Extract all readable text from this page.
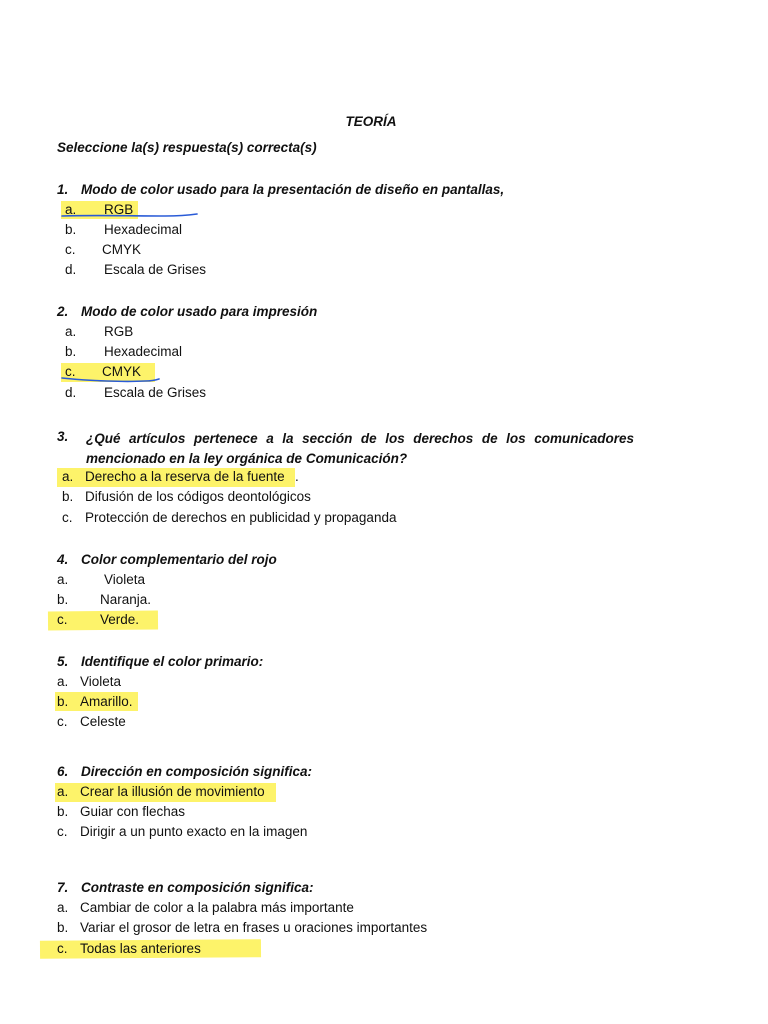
TEORÍA
Seleccione la(s) respuesta(s) correcta(s)
1. Modo de color usado para la presentación de diseño en pantallas,
a. RGB
b. Hexadecimal
c. CMYK
d. Escala de Grises
2. Modo de color usado para impresión
a. RGB
b. Hexadecimal
c. CMYK
d. Escala de Grises
3. ¿Qué artículos pertenece a la sección de los derechos de los comunicadores mencionado en la ley orgánica de Comunicación?
a. Derecho a la reserva de la fuente .
b. Difusión de los códigos deontológicos
c. Protección de derechos en publicidad y propaganda
4. Color complementario del rojo
a.	Violeta
b. Naranja.
c. Verde.
5. Identifique el color primario:
a. Violeta
b. Amarillo.
c. Celeste
6. Dirección en composición significa:
a. Crear la illusión de movimiento
b. Guiar con flechas
c. Dirigir a un punto exacto en la imagen
7. Contraste en composición significa:
a. Cambiar de color a la palabra más importante
b. Variar el grosor de letra en frases u oraciones importantes
c. Todas las anteriores
